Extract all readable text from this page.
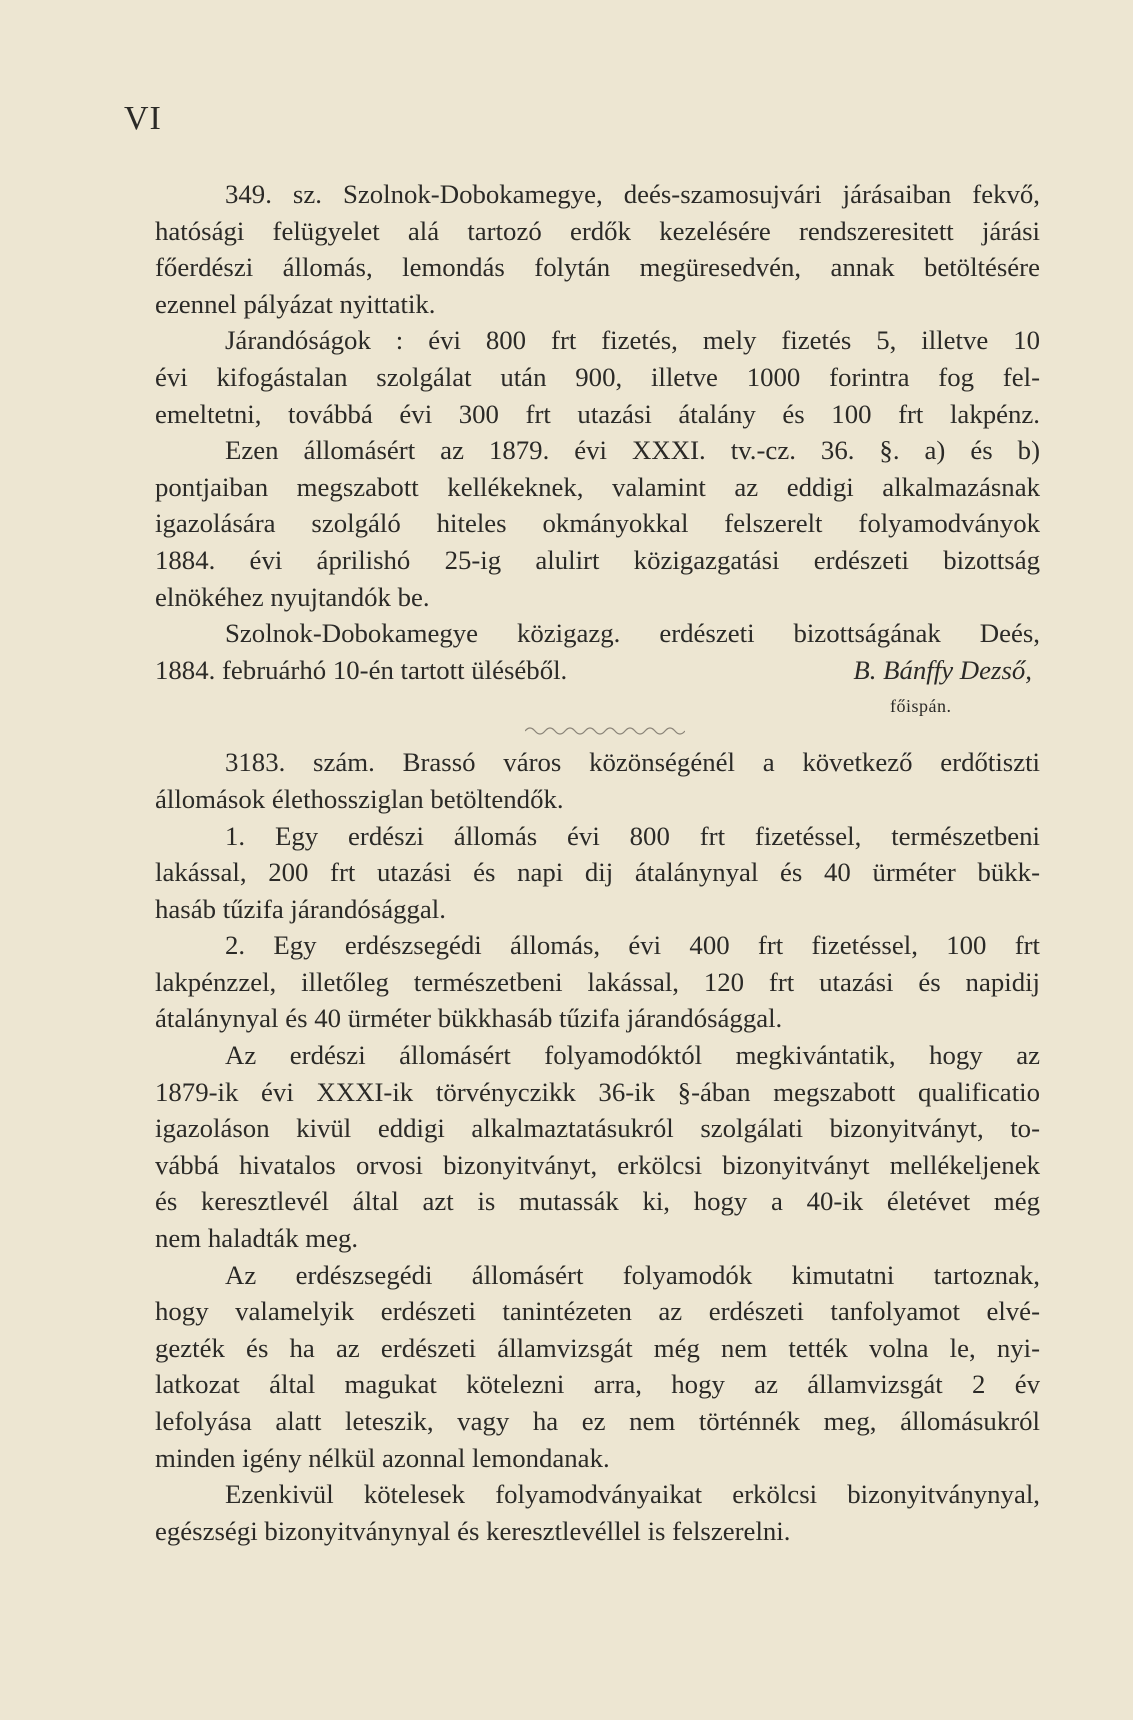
VI
349. sz. Szolnok-Dobokamegye, deés-szamosujvári járásaiban fekvő,
hatósági felügyelet alá tartozó erdők kezelésére rendszeresitett járási
főerdészi állomás, lemondás folytán megüresedvén, annak betöltésére
ezennel pályázat nyittatik.
Járandóságok : évi 800 frt fizetés, mely fizetés 5, illetve 10
évi kifogástalan szolgálat után 900, illetve 1000 forintra fog fel-
emeltetni, továbbá évi 300 frt utazási átalány és 100 frt lakpénz.
Ezen állomásért az 1879. évi XXXI. tv.-cz. 36. §. a) és b)
pontjaiban megszabott kellékeknek, valamint az eddigi alkalmazásnak
igazolására szolgáló hiteles okmányokkal felszerelt folyamodványok
1884. évi áprilishó 25-ig alulirt közigazgatási erdészeti bizottság
elnökéhez nyujtandók be.
Szolnok-Dobokamegye közigazg. erdészeti bizottságának Deés,
1884. februárhó 10-én tartott üléséből.	B. Bánffy Dezső,
főispán.
3183. szám. Brassó város közönségénél a következő erdőtiszti
állomások élethossziglan betöltendők.
1. Egy erdészi állomás évi 800 frt fizetéssel, természetbeni
lakással, 200 frt utazási és napi dij átalánynyal és 40 ürméter bükk-
hasáb tűzifa járandósággal.
2. Egy erdészsegédi állomás, évi 400 frt fizetéssel, 100 frt
lakpénzzel, illetőleg természetbeni lakással, 120 frt utazási és napidij
átalánynyal és 40 ürméter bükkhasáb tűzifa járandósággal.
Az erdészi állomásért folyamodóktól megkivántatik, hogy az
1879-ik évi XXXI-ik törvényczikk 36-ik §-ában megszabott qualificatio
igazoláson kivül eddigi alkalmaztatásukról szolgálati bizonyitványt, to-
vábbá hivatalos orvosi bizonyitványt, erkölcsi bizonyitványt mellékeljenek
és keresztlevél által azt is mutassák ki, hogy a 40-ik életévet még
nem haladták meg.
Az erdészsegédi állomásért folyamodók kimutatni tartoznak,
hogy valamelyik erdészeti tanintézeten az erdészeti tanfolyamot elvé-
gezték és ha az erdészeti államvizsgát még nem tették volna le, nyi-
latkozat által magukat kötelezni arra, hogy az államvizsgát 2 év
lefolyása alatt leteszik, vagy ha ez nem történnék meg, állomásukról
minden igény nélkül azonnal lemondanak.
Ezenkivül kötelesek folyamodványaikat erkölcsi bizonyitványnyal,
egészségi bizonyitványnyal és keresztlevéllel is felszerelni.
